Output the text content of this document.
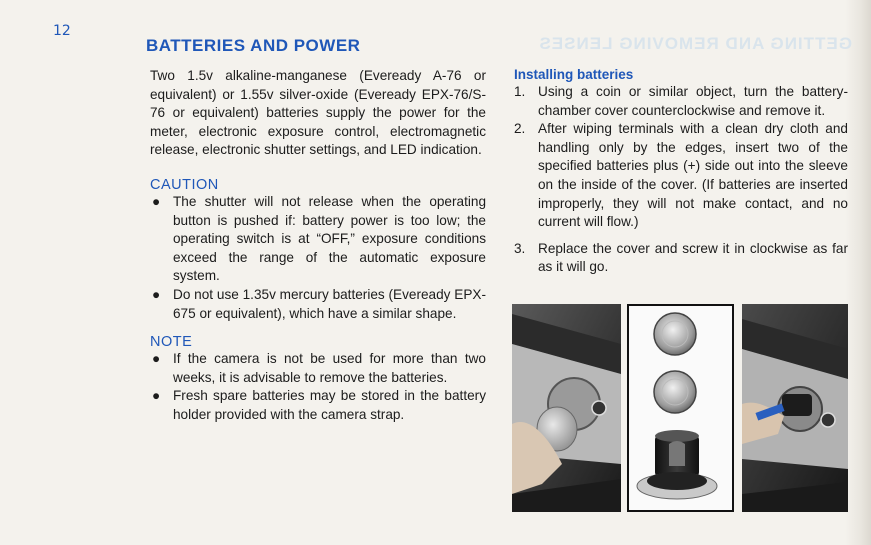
GETTING AND REMOVING LENSES
12
BATTERIES AND POWER

Two 1.5v alkaline-manganese (Eveready A-76 or equivalent) or 1.55v silver-oxide (Eveready EPX-76/S-76 or equivalent) batteries supply the power for the meter, electronic exposure control, electromagnetic release, electronic shutter settings, and LED indication.

CAUTION

● The shutter will not release when the operating button is pushed if: battery power is too low; the operating switch is at “OFF,” exposure conditions exceed the range of the automatic exposure system.
● Do not use 1.35v mercury batteries (Eveready EPX-675 or equivalent), which have a similar shape.

NOTE

● If the camera is not be used for more than two weeks, it is advisable to remove the batteries.
● Fresh spare batteries may be stored in the battery holder provided with the camera strap.

Installing batteries

1. Using a coin or similar object, turn the battery-chamber cover counterclockwise and remove it.
2. After wiping terminals with a clean dry cloth and handling only by the edges, insert two of the specified batteries plus (+) side out into the sleeve on the inside of the cover. (If batteries are inserted improperly, they will not make contact, and no current will flow.)
3. Replace the cover and screw it in clockwise as far as it will go.
